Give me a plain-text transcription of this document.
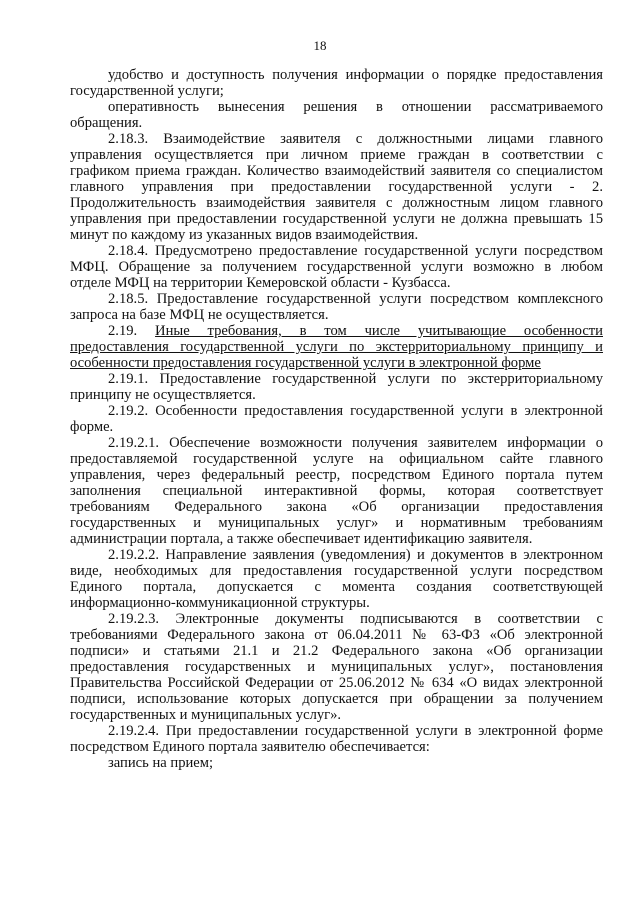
18
удобство и доступность получения информации о порядке предоставления
государственной услуги;
оперативность вынесения решения в отношении рассматриваемого
обращения.
2.18.3. Взаимодействие заявителя с должностными лицами главного
управления осуществляется при личном приеме граждан в соответствии с
графиком приема граждан. Количество взаимодействий заявителя со специалистом
главного управления при предоставлении государственной услуги - 2.
Продолжительность взаимодействия заявителя с должностным лицом главного
управления при предоставлении государственной услуги не должна превышать 15
минут по каждому из указанных видов взаимодействия.
2.18.4. Предусмотрено предоставление государственной услуги посредством
МФЦ. Обращение за получением государственной услуги возможно в любом
отделе МФЦ на территории Кемеровской области - Кузбасса.
2.18.5. Предоставление государственной услуги посредством комплексного
запроса на базе МФЦ не осуществляется.
2.19. Иные требования, в том числе учитывающие особенности
предоставления государственной услуги по экстерриториальному принципу и
особенности предоставления государственной услуги в электронной форме
2.19.1. Предоставление государственной услуги по экстерриториальному
принципу не осуществляется.
2.19.2. Особенности предоставления государственной услуги в электронной
форме.
2.19.2.1. Обеспечение возможности получения заявителем информации о
предоставляемой государственной услуге на официальном сайте главного
управления, через федеральный реестр, посредством Единого портала путем
заполнения специальной интерактивной формы, которая соответствует
требованиям Федерального закона «Об организации предоставления
государственных и муниципальных услуг» и нормативным требованиям
администрации портала, а также обеспечивает идентификацию заявителя.
2.19.2.2. Направление заявления (уведомления) и документов в электронном
виде, необходимых для предоставления государственной услуги посредством
Единого портала, допускается с момента создания соответствующей
информационно-коммуникационной структуры.
2.19.2.3. Электронные документы подписываются в соответствии с
требованиями Федерального закона от 06.04.2011 № 63-ФЗ «Об электронной
подписи» и статьями 21.1 и 21.2 Федерального закона «Об организации
предоставления государственных и муниципальных услуг», постановления
Правительства Российской Федерации от 25.06.2012 № 634 «О видах электронной
подписи, использование которых допускается при обращении за получением
государственных и муниципальных услуг».
2.19.2.4. При предоставлении государственной услуги в электронной форме
посредством Единого портала заявителю обеспечивается:
запись на прием;
